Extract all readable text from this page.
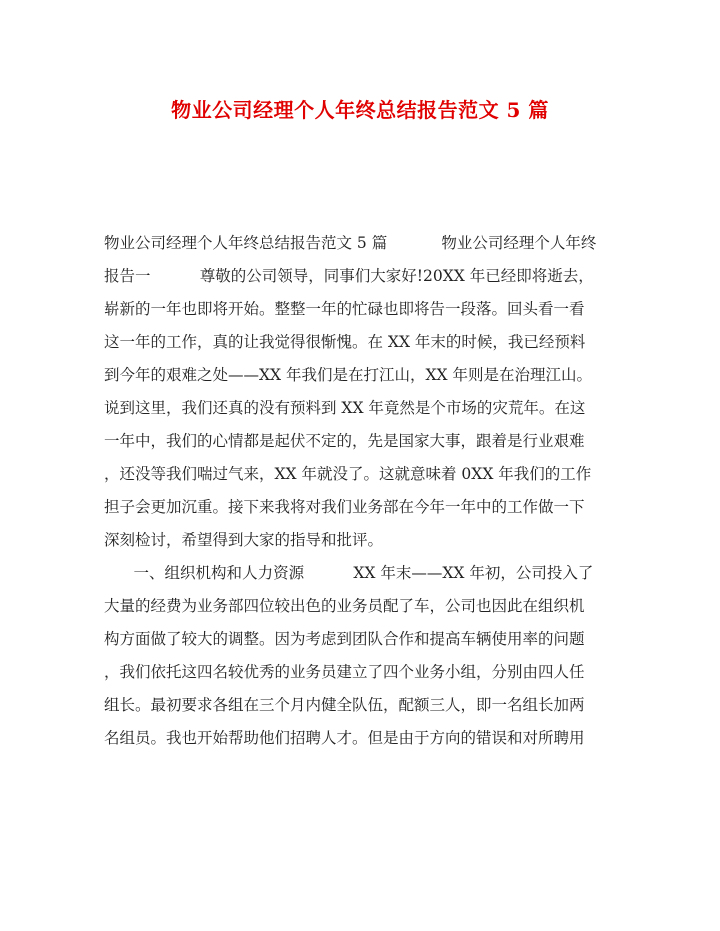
物业公司经理个人年终总结报告范文 5 篇
物业公司经理个人年终总结报告范文 5 篇           物业公司经理个人年终
报告一          尊敬的公司领导，同事们大家好!20XX 年已经即将逝去，
崭新的一年也即将开始。整整一年的忙碌也即将告一段落。回头看一看
这一年的工作，真的让我觉得很惭愧。在 XX 年末的时候，我已经预料
到今年的艰难之处——XX 年我们是在打江山，XX 年则是在治理江山。
说到这里，我们还真的没有预料到 XX 年竟然是个市场的灾荒年。在这
一年中，我们的心情都是起伏不定的，先是国家大事，跟着是行业艰难
，还没等我们喘过气来，XX 年就没了。这就意味着 0XX 年我们的工作
担子会更加沉重。接下来我将对我们业务部在今年一年中的工作做一下
深刻检讨，希望得到大家的指导和批评。
一、组织机构和人力资源          XX 年末——XX 年初，公司投入了
大量的经费为业务部四位较出色的业务员配了车，公司也因此在组织机
构方面做了较大的调整。因为考虑到团队合作和提高车辆使用率的问题
，我们依托这四名较优秀的业务员建立了四个业务小组，分别由四人任
组长。最初要求各组在三个月内健全队伍，配额三人，即一名组长加两
名组员。我也开始帮助他们招聘人才。但是由于方向的错误和对所聘用
